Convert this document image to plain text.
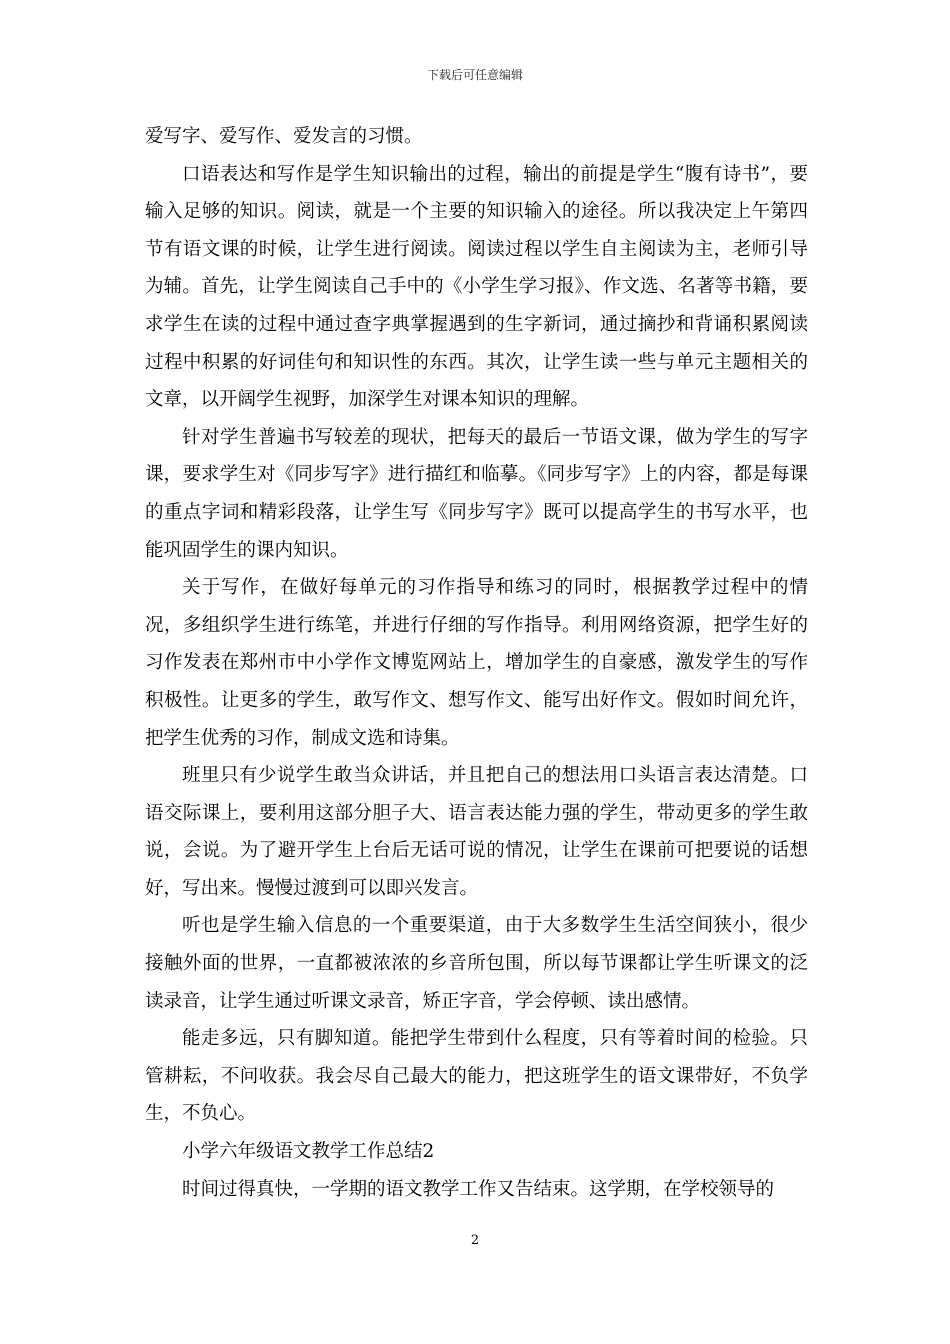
下载后可任意编辑

爱写字、爱写作、爱发言的习惯。

口语表达和写作是学生知识输出的过程，输出的前提是学生“腹有诗书”，要输入足够的知识。阅读，就是一个主要的知识输入的途径。所以我决定上午第四节有语文课的时候，让学生进行阅读。阅读过程以学生自主阅读为主，老师引导为辅。首先，让学生阅读自己手中的《小学生学习报》、作文选、名著等书籍，要求学生在读的过程中通过查字典掌握遇到的生字新词，通过摘抄和背诵积累阅读过程中积累的好词佳句和知识性的东西。其次，让学生读一些与单元主题相关的文章，以开阔学生视野，加深学生对课本知识的理解。

针对学生普遍书写较差的现状，把每天的最后一节语文课，做为学生的写字课，要求学生对《同步写字》进行描红和临摹。《同步写字》上的内容，都是每课的重点字词和精彩段落，让学生写《同步写字》既可以提高学生的书写水平，也能巩固学生的课内知识。

关于写作，在做好每单元的习作指导和练习的同时，根据教学过程中的情况，多组织学生进行练笔，并进行仔细的写作指导。利用网络资源，把学生好的习作发表在郑州市中小学作文博览网站上，增加学生的自豪感，激发学生的写作积极性。让更多的学生，敢写作文、想写作文、能写出好作文。假如时间允许，把学生优秀的习作，制成文选和诗集。

班里只有少说学生敢当众讲话，并且把自己的想法用口头语言表达清楚。口语交际课上，要利用这部分胆子大、语言表达能力强的学生，带动更多的学生敢说，会说。为了避开学生上台后无话可说的情况，让学生在课前可把要说的话想好，写出来。慢慢过渡到可以即兴发言。

听也是学生输入信息的一个重要渠道，由于大多数学生生活空间狭小，很少接触外面的世界，一直都被浓浓的乡音所包围，所以每节课都让学生听课文的泛读录音，让学生通过听课文录音，矫正字音，学会停顿、读出感情。

能走多远，只有脚知道。能把学生带到什么程度，只有等着时间的检验。只管耕耘，不问收获。我会尽自己最大的能力，把这班学生的语文课带好，不负学生，不负心。

小学六年级语文教学工作总结2

时间过得真快，一学期的语文教学工作又告结束。这学期，在学校领导的

2
